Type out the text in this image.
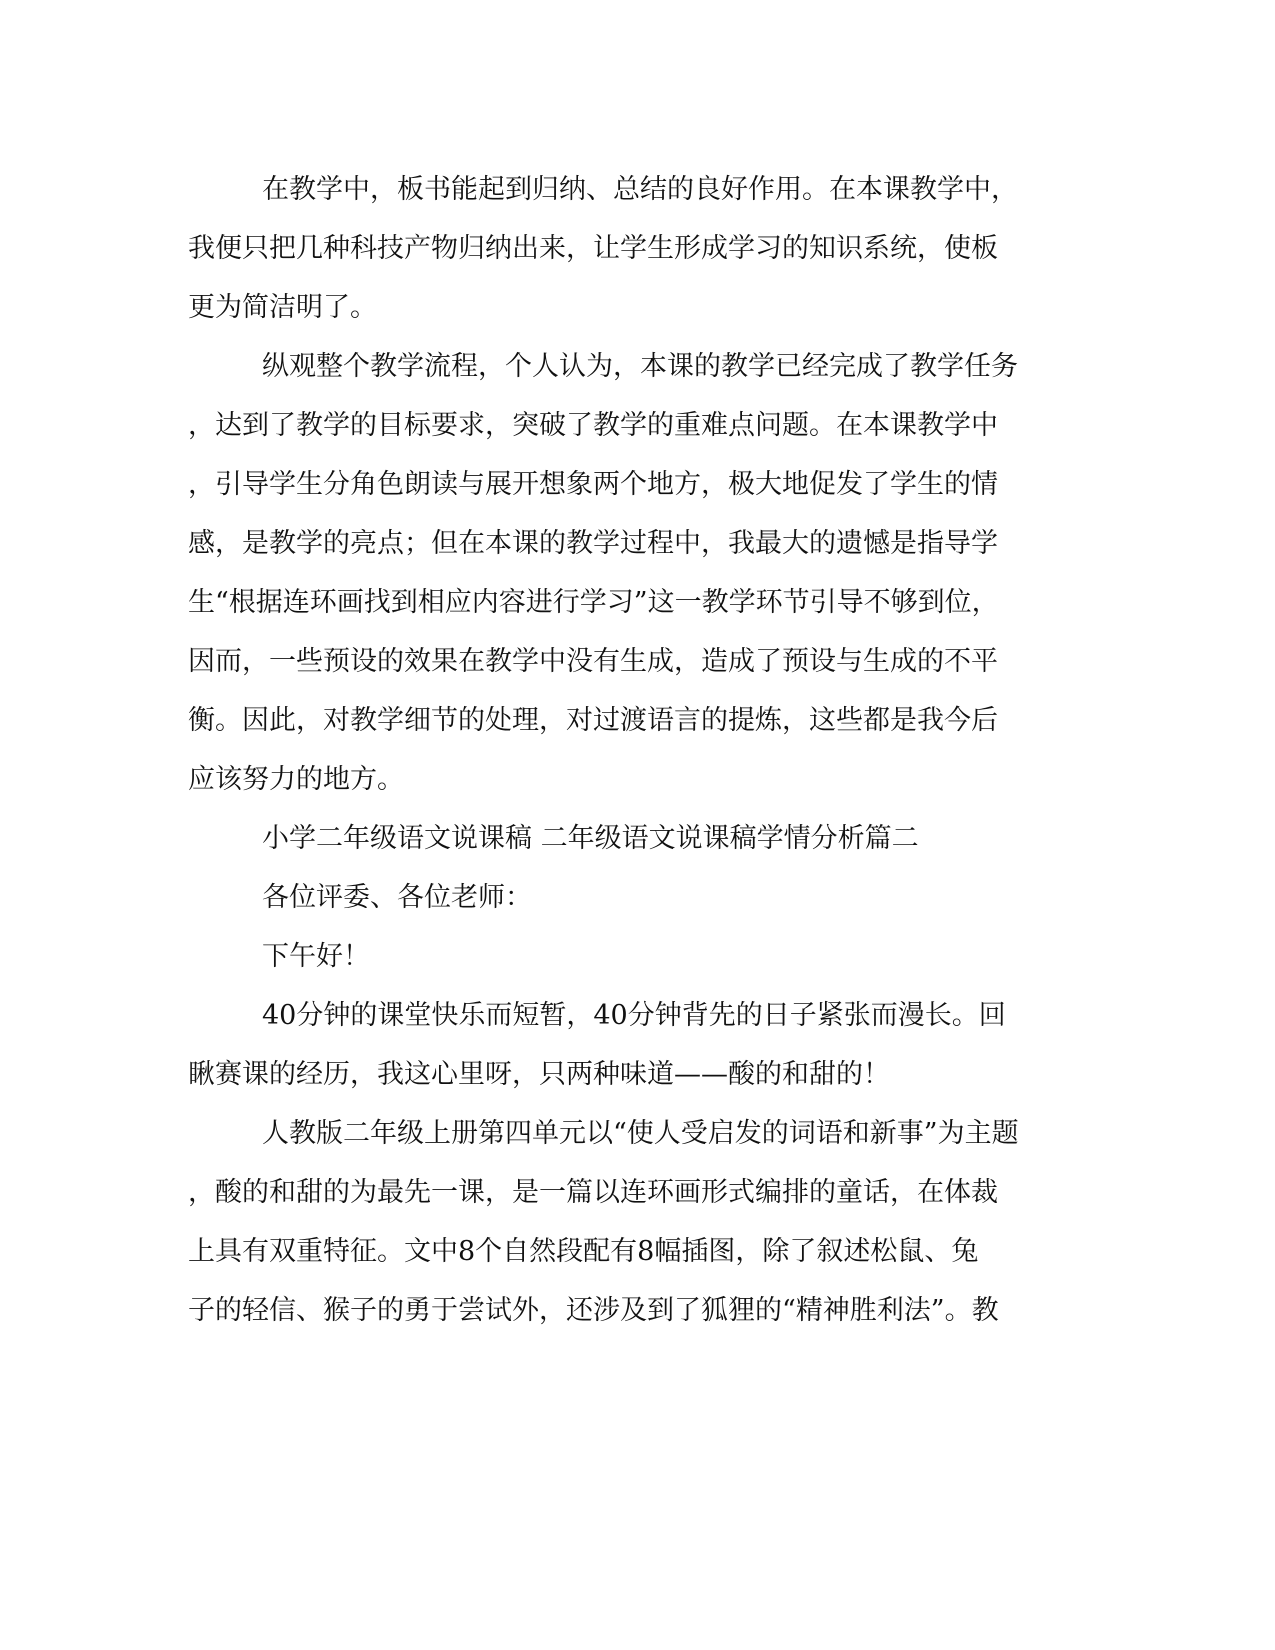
在教学中，板书能起到归纳、总结的良好作用。在本课教学中，
我便只把几种科技产物归纳出来，让学生形成学习的知识系统，使板
更为简洁明了。
纵观整个教学流程，个人认为，本课的教学已经完成了教学任务
，达到了教学的目标要求，突破了教学的重难点问题。在本课教学中
，引导学生分角色朗读与展开想象两个地方，极大地促发了学生的情
感，是教学的亮点；但在本课的教学过程中，我最大的遗憾是指导学
生“根据连环画找到相应内容进行学习”这一教学环节引导不够到位，
因而，一些预设的效果在教学中没有生成，造成了预设与生成的不平
衡。因此，对教学细节的处理，对过渡语言的提炼，这些都是我今后
应该努力的地方。
小学二年级语文说课稿 二年级语文说课稿学情分析篇二
各位评委、各位老师：
下午好！
40分钟的课堂快乐而短暂，40分钟背先的日子紧张而漫长。回
瞅赛课的经历，我这心里呀，只两种味道——酸的和甜的！
人教版二年级上册第四单元以“使人受启发的词语和新事”为主题
，酸的和甜的为最先一课，是一篇以连环画形式编排的童话，在体裁
上具有双重特征。文中8个自然段配有8幅插图，除了叙述松鼠、兔
子的轻信、猴子的勇于尝试外，还涉及到了狐狸的“精神胜利法”。教
